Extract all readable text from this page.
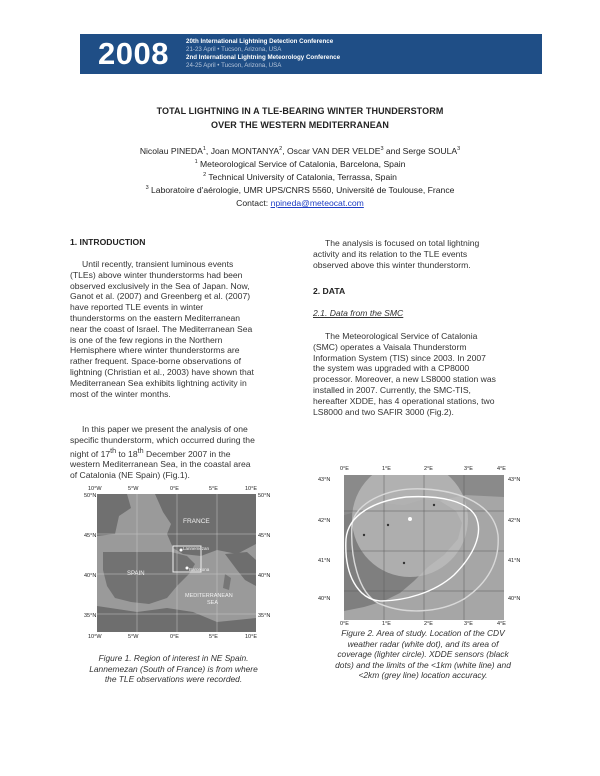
2008	20th International Lightning Detection Conference
21-23 April • Tucson, Arizona, USA
2nd International Lightning Meteorology Conference
24-25 April • Tucson, Arizona, USA
TOTAL LIGHTNING IN A TLE-BEARING WINTER THUNDERSTORM
OVER THE WESTERN MEDITERRANEAN
Nicolau PINEDA$^1$, Joan MONTANYA$^2$, Oscar VAN DER VELDE$^3$ and Serge SOULA$^3$
$^1$ Meteorological Service of Catalonia, Barcelona, Spain
$^2$ Technical University of Catalonia, Terrassa, Spain
$^3$ Laboratoire d'aérologie, UMR UPS/CNRS 5560, Université de Toulouse, France
Contact: npineda@meteocat.com
1. INTRODUCTION
Until recently, transient luminous events
(TLEs) above winter thunderstorms had been
observed exclusively in the Sea of Japan. Now,
Ganot et al. (2007) and Greenberg et al. (2007)
have reported TLE events in winter
thunderstorms on the eastern Mediterranean
near the coast of Israel. The Mediterranean Sea
is one of the few regions in the Northern
Hemisphere where winter thunderstorms are
rather frequent. Space-borne observations of
lightning (Christian et al., 2003) have shown that
Mediterranean Sea exhibits lightning activity in
most of the winter months.
In this paper we present the analysis of one
specific thunderstorm, which occurred during the
night of 17th to 18th December 2007 in the
western Mediterranean Sea, in the coastal area
of Catalonia (NE Spain) (Fig.1).
10°W	5°W	0°E	5°E	10°E
50°N
45°N
40°N
35°N
50°N
45°N
40°N
35°N
FRANCE
SPAIN
Lannemezan
Barcelona
MEDITERRANEAN
SEA
10°W	5°W	0°E	5°E	10°E
Figure 1. Region of interest in NE Spain.
Lannemezan (South of France) is from where
the TLE observations were recorded.
The analysis is focused on total lightning
activity and its relation to the TLE events
observed above this winter thunderstorm.
2. DATA
2.1. Data from the SMC
The Meteorological Service of Catalonia
(SMC) operates a Vaisala Thunderstorm
Information System (TIS) since 2003. In 2007
the system was upgraded with a CP8000
processor. Moreover, a new LS8000 station was
installed in 2007. Currently, the SMC-TIS,
hereafter XDDE, has 4 operational stations, two
LS8000 and two SAFIR 3000 (Fig.2).
0°E	1°E	2°E	3°E	4°E
43°N
42°N
41°N
40°N
43°N
42°N
41°N
40°N
0°E	1°E	2°E	3°E	4°E
Figure 2. Area of study. Location of the CDV
weather radar (white dot), and its area of
coverage (lighter circle). XDDE sensors (black
dots) and the limits of the <1km (white line) and
<2km (grey line) location accuracy.
